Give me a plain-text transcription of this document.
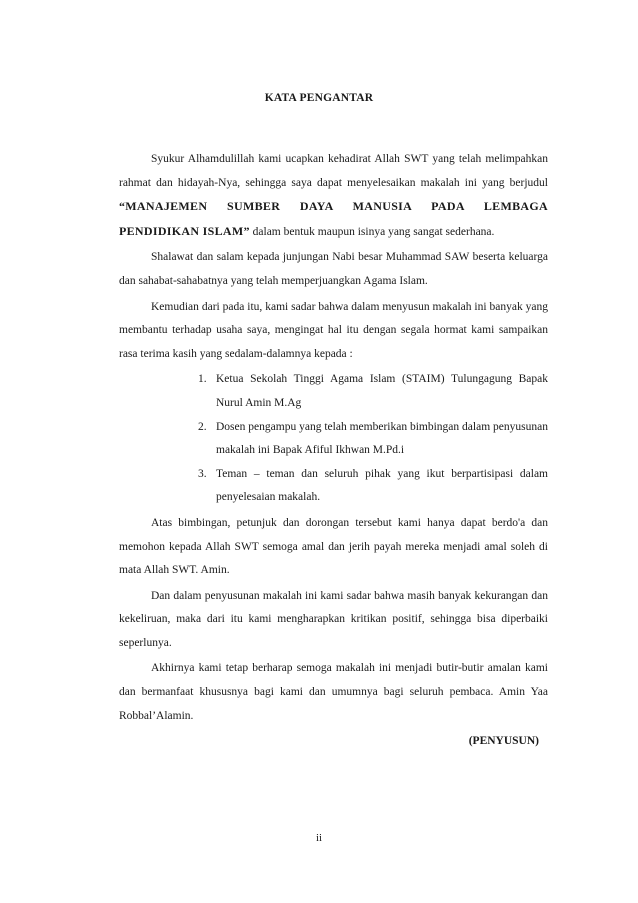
KATA PENGANTAR

Syukur Alhamdulillah kami ucapkan kehadirat Allah SWT yang telah melimpahkan rahmat dan hidayah-Nya, sehingga saya dapat menyelesaikan makalah ini yang berjudul “MANAJEMEN SUMBER DAYA MANUSIA PADA LEMBAGA PENDIDIKAN ISLAM” dalam bentuk maupun isinya yang sangat sederhana.

Shalawat dan salam kepada junjungan Nabi besar Muhammad SAW beserta keluarga dan sahabat-sahabatnya yang telah memperjuangkan Agama Islam.

Kemudian dari pada itu, kami sadar bahwa dalam menyusun makalah ini banyak yang membantu terhadap usaha saya, mengingat hal itu dengan segala hormat kami sampaikan rasa terima kasih yang sedalam-dalamnya kepada :

1. Ketua Sekolah Tinggi Agama Islam (STAIM) Tulungagung Bapak Nurul Amin M.Ag
2. Dosen pengampu yang telah memberikan bimbingan dalam penyusunan makalah ini Bapak Afiful Ikhwan M.Pd.i
3. Teman – teman dan seluruh pihak yang ikut berpartisipasi dalam penyelesaian makalah.

Atas bimbingan, petunjuk dan dorongan tersebut kami hanya dapat berdo'a dan memohon kepada Allah SWT semoga amal dan jerih payah mereka menjadi amal soleh di mata Allah SWT. Amin.

Dan dalam penyusunan makalah ini kami sadar bahwa masih banyak kekurangan dan kekeliruan, maka dari itu kami mengharapkan kritikan positif, sehingga bisa diperbaiki seperlunya.

Akhirnya kami tetap berharap semoga makalah ini menjadi butir-butir amalan kami dan bermanfaat khususnya bagi kami dan umumnya bagi seluruh pembaca. Amin Yaa Robbal’Alamin.

(PENYUSUN)
ii
